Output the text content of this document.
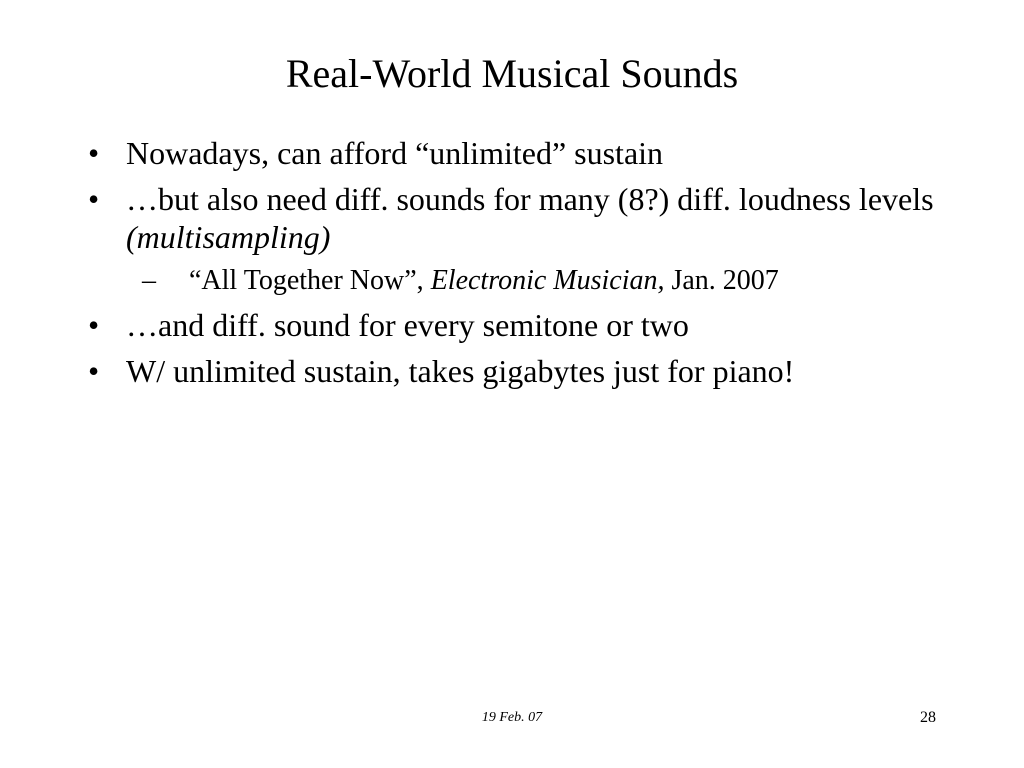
Real-World Musical Sounds
• Nowadays, can afford “unlimited” sustain
• …but also need diff. sounds for many (8?) diff. loudness levels (multisampling)
– “All Together Now”, Electronic Musician, Jan. 2007
• …and diff. sound for every semitone or two
• W/ unlimited sustain, takes gigabytes just for piano!
19 Feb. 07	28
